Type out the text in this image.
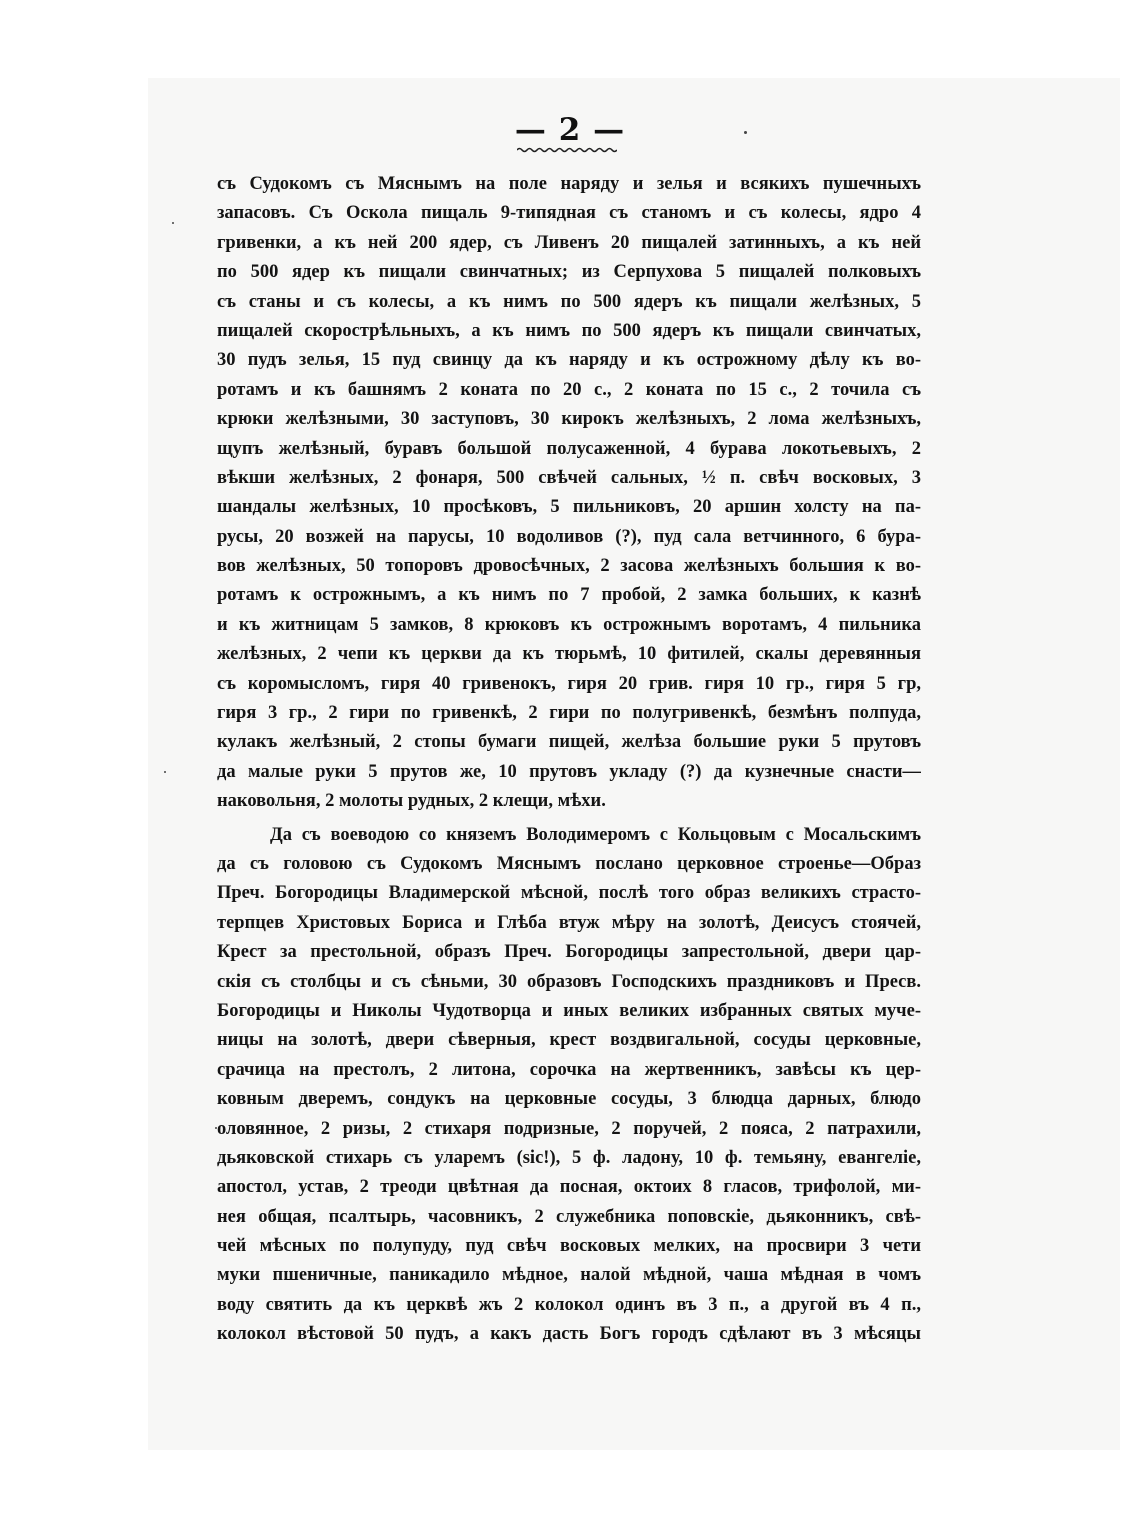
— 2 —
съ Судокомъ съ Мяснымъ на поле наряду и зелья и всякихъ пушечныхъ
запасовъ. Съ Оскола пищаль 9-типядная съ станомъ и съ колесы, ядро 4
гривенки, а къ ней 200 ядер, съ Ливенъ 20 пищалей затинныхъ, а къ ней
по 500 ядер къ пищали свинчатных; из Серпухова 5 пищалей полковыхъ
съ станы и съ колесы, а къ нимъ по 500 ядеръ къ пищали желѣзных, 5
пищалей скорострѣльныхъ, а къ нимъ по 500 ядеръ къ пищали свинчатых,
30 пудъ зелья, 15 пуд свинцу да къ наряду и къ острожному дѣлу къ во-
ротамъ и къ башнямъ 2 коната по 20 с., 2 коната по 15 с., 2 точила съ
крюки желѣзными, 30 заступовъ, 30 кирокъ желѣзныхъ, 2 лома желѣзныхъ,
щупъ желѣзный, буравъ большой полусаженной, 4 бурава локотьевыхъ, 2
вѣкши желѣзных, 2 фонаря, 500 свѣчей сальных, ½ п. свѣч восковых, 3
шандалы желѣзных, 10 просѣковъ, 5 пильниковъ, 20 аршин холсту на па-
русы, 20 возжей на парусы, 10 водоливов (?), пуд сала ветчинного, 6 бура-
вов желѣзных, 50 топоровъ дровосѣчных, 2 засова желѣзныхъ большия к во-
ротамъ к острожнымъ, а къ нимъ по 7 пробой, 2 замка больших, к казнѣ
и къ житницам 5 замков, 8 крюковъ къ острожнымъ воротамъ, 4 пильника
желѣзных, 2 чепи къ церкви да къ тюрьмѣ, 10 фитилей, скалы деревянныя
съ коромысломъ, гиря 40 гривенокъ, гиря 20 грив. гиря 10 гр., гиря 5 гр,
гиря 3 гр., 2 гири по гривенкѣ, 2 гири по полугривенкѣ, безмѣнъ полпуда,
кулакъ желѣзный, 2 стопы бумаги пищей, желѣза большие руки 5 прутовъ
да малые руки 5 прутов же, 10 прутовъ укладу (?) да кузнечные снасти—
наковольня, 2 молоты рудных, 2 клещи, мѣхи.
Да съ воеводою со княземъ Володимеромъ с Кольцовым с Мосальскимъ
да съ головою съ Судокомъ Мяснымъ послано церковное строенье—Образ
Преч. Богородицы Владимерской мѣсной, послѣ того образ великихъ страсто-
терпцев Христовых Бориса и Глѣба втуж мѣру на золотѣ, Деисусъ стоячей,
Крест за престольной, образъ Преч. Богородицы запрестольной, двери цар-
скія съ столбцы и съ сѣньми, 30 образовъ Господскихъ праздниковъ и Пресв.
Богородицы и Николы Чудотворца и иных великих избранных святых муче-
ницы на золотѣ, двери сѣверныя, крест воздвигальной, сосуды церковные,
срачица на престолъ, 2 литона, сорочка на жертвенникъ, завѣсы къ цер-
ковным дверемъ, сондукъ на церковные сосуды, 3 блюдца дарных, блюдо
оловянное, 2 ризы, 2 стихаря подризные, 2 поручей, 2 пояса, 2 патрахили,
дьяковской стихарь съ уларемъ (sic!), 5 ф. ладону, 10 ф. темьяну, евангеліе,
апостол, устав, 2 треоди цвѣтная да посная, октоих 8 гласов, трифолой, ми-
нея общая, псалтырь, часовникъ, 2 служебника поповскіе, дьяконникъ, свѣ-
чей мѣсных по полупуду, пуд свѣч восковых мелких, на просвири 3 чети
муки пшеничные, паникадило мѣдное, налой мѣдной, чаша мѣдная в чомъ
воду святить да къ церквѣ жъ 2 колокол одинъ въ 3 п., а другой въ 4 п.,
колокол вѣстовой 50 пудъ, а какъ дасть Богъ городъ сдѣлают въ 3 мѣсяцы
